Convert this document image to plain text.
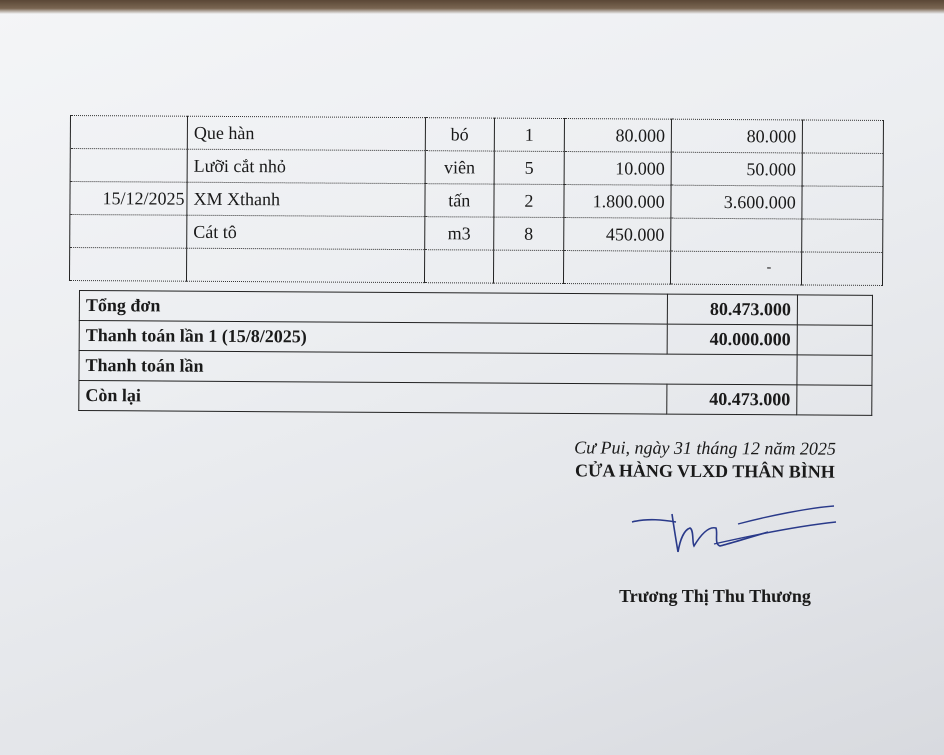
	Que hàn	bó	1	80.000	80.000	
	Lưỡi cắt nhỏ	viên	5	10.000	50.000	
15/12/2025	XM Xthanh	tấn	2	1.800.000	3.600.000	
	Cát tô	m3	8	450.000		
					-	
Tổng đơn	80.473.000	
Thanh toán lần 1 (15/8/2025)	40.000.000	
Thanh toán lần		
Còn lại	40.473.000	
Cư Pui, ngày 31 tháng 12 năm 2025
CỬA HÀNG VLXD THÂN BÌNH
Trương Thị Thu Thương
